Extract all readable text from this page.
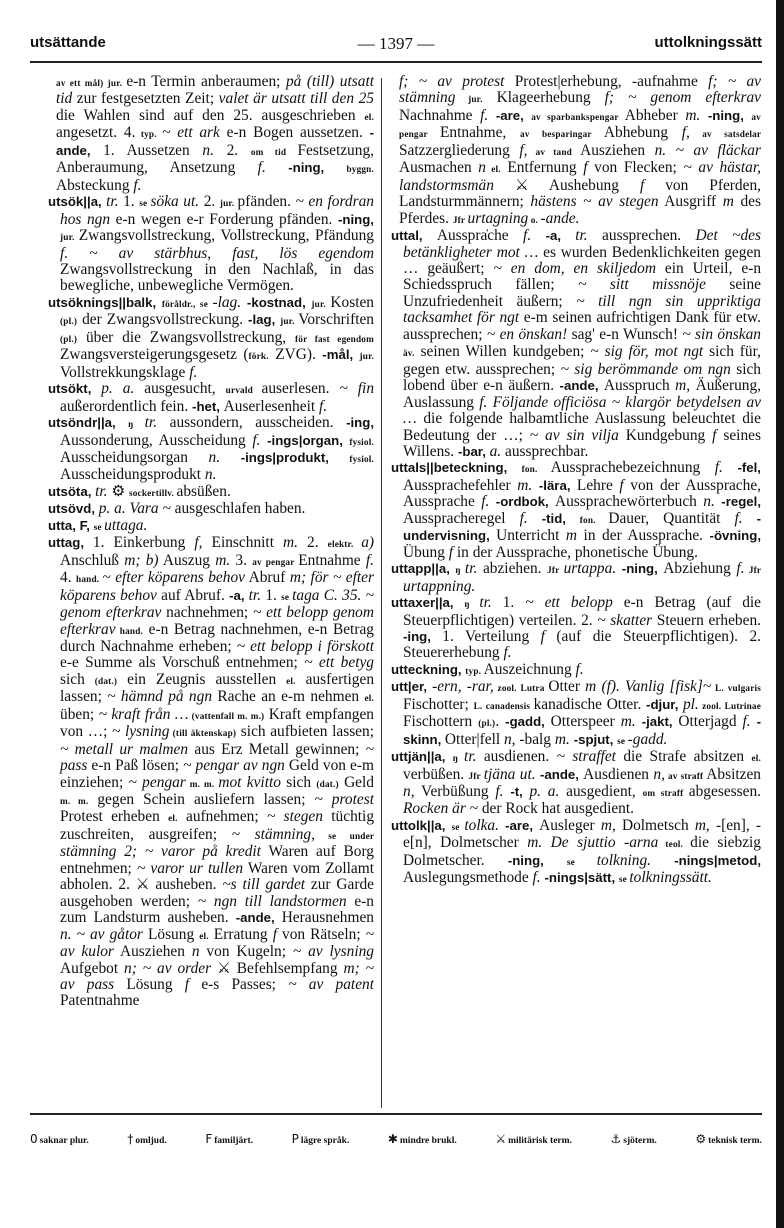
utsättande	— 1397 —	uttolkningssätt

av ett mål) jur. e-n Termin anberaumen; på (till) utsatt tid zur festgesetzten Zeit; valet är utsatt till den 25 die Wahlen sind auf den 25. ausgeschrieben el. angesetzt. 4. typ. ~ ett ark e-n Bogen aussetzen. -ande, 1. Aussetzen n. 2. om tid Festsetzung, Anberaumung, Ansetzung f. -ning, byggn. Absteckung f.

utsök||a, tr. 1. se söka ut. 2. jur. pfänden. ~ en fordran hos ngn e-n wegen e-r Forderung pfänden. -ning, jur. Zwangsvollstreckung, Vollstreckung, Pfändung f. ~ av stärbhus, fast, lös egendom Zwangsvollstreckung in den Nachlaß, in das bewegliche, unbewegliche Vermögen.

utsöknings||balk, föråldr., se -lag. -kostnad, jur. Kosten (pl.) der Zwangsvollstreckung. -lag, jur. Vorschriften (pl.) über die Zwangsvollstreckung, för fast egendom Zwangsversteigerungsgesetz (förk. ZVG). -mål, jur. Vollstrekkungsklage f.

utsökt, p. a. ausgesucht, urvald auserlesen. ~ fin außerordentlich fein. -het, Auserlesenheit f.

utsöndr||a, ŋ tr. aussondern, ausscheiden. -ing, Aussonderung, Ausscheidung f. -ings|organ, fysiol. Ausscheidungsorgan n. -ings|produkt, fysiol. Ausscheidungsprodukt n.

utsöta, tr. ⚙ sockertillv. absüßen.

utsövd, p. a. Vara ~ ausgeschlafen haben.

utta, F, se uttaga.

uttag, 1. Einkerbung f, Einschnitt m. 2. elektr. a) Anschluß m; b) Auszug m. 3. av pengar Entnahme f. 4. hand. ~ efter köparens behov Abruf m; för ~ efter köparens behov auf Abruf. -a, tr. 1. se taga C. 35. ~ genom efterkrav nachnehmen; ~ ett belopp genom efterkrav hand. e-n Betrag nachnehmen, e-n Betrag durch Nachnahme erheben; ~ ett belopp i förskott e-e Summe als Vorschuß entnehmen; ~ ett betyg sich (dat.) ein Zeugnis ausstellen el. ausfertigen lassen; ~ hämnd på ngn Rache an e-m nehmen el. üben; ~ kraft från … (vattenfall m. m.) Kraft empfangen von …; ~ lysning (till äktenskap) sich aufbieten lassen; ~ metall ur malmen aus Erz Metall gewinnen; ~ pass e-n Paß lösen; ~ pengar av ngn Geld von e-m einziehen; ~ pengar m. m. mot kvitto sich (dat.) Geld m. m. gegen Schein ausliefern lassen; ~ protest Protest erheben el. aufnehmen; ~ stegen tüchtig zuschreiten, ausgreifen; ~ stämning, se under stämning 2; ~ varor på kredit Waren auf Borg entnehmen; ~ varor ur tullen Waren vom Zollamt abholen. 2. ⚔ ausheben. ~s till gardet zur Garde ausgehoben werden; ~ ngn till landstormen e-n zum Landsturm ausheben. -ande, Herausnehmen n. ~ av gåtor Lösung el. Erratung f von Rätseln; ~ av kulor Ausziehen n von Kugeln; ~ av lysning Aufgebot n; ~ av order ⚔ Befehlsempfang m; ~ av pass Lösung f e-s Passes; ~ av patent Patentnahme

f; ~ av protest Protest|erhebung, -aufnahme f; ~ av stämning jur. Klageerhebung f; ~ genom efterkrav Nachnahme f. -are, av sparbankspengar Abheber m. -ning, av pengar Entnahme, av besparingar Abhebung f, av satsdelar Satzzergliederung f, av tand Ausziehen n. ~ av fläckar Ausmachen n el. Entfernung f von Flecken; ~ av hästar, landstormsmän ⚔ Aushebung f von Pferden, Landsturmmännern; hästens ~ av stegen Ausgriff m des Pferdes. Jfr urtagning o. -ande.

uttal, Ausspra̍che f. -a, tr. aussprechen. Det ~des betänkligheter mot … es wurden Bedenklichkeiten gegen … geäußert; ~ en dom, en skiljedom ein Urteil, e-n Schiedsspruch fällen; ~ sitt missnöje seine Unzufriedenheit äußern; ~ till ngn sin uppriktiga tacksamhet för ngt e-m seinen aufrichtigen Dank für etw. aussprechen; ~ en önskan! sag' e-n Wunsch! ~ sin önskan äv. seinen Willen kundgeben; ~ sig för, mot ngt sich für, gegen etw. aussprechen; ~ sig berömmande om ngn sich lobend über e-n äußern. -ande, Ausspruch m, Äußerung, Auslassung f. Följande officiösa ~ klargör betydelsen av … die folgende halbamtliche Auslassung beleuchtet die Bedeutung der …; ~ av sin vilja Kundgebung f seines Willens. -bar, a. aussprechbar.

uttals||beteckning, fon. Aussprachebezeichnung f. -fel, Aussprachefehler m. -lära, Lehre f von der Aussprache, Aussprache f. -ordbok, Aussprachewörterbuch n. -regel, Ausspracheregel f. -tid, fon. Dauer, Quantität f. -undervisning, Unterricht m in der Aussprache. -övning, Übung f in der Aussprache, phonetische Übung.

uttapp||a, ŋ tr. abziehen. Jfr urtappa. -ning, Abziehung f. Jfr urtappning.

uttaxer||a, ŋ tr. 1. ~ ett belopp e-n Betrag (auf die Steuerpflichtigen) verteilen. 2. ~ skatter Steuern erheben. -ing, 1. Verteilung f (auf die Steuerpflichtigen). 2. Steuererhebung f.

utteckning, typ. Auszeichnung f.

utt|er, -ern, -rar, zool. Lutra Otter m (f). Vanlig [fisk]~ L. vulgaris Fischotter; L. canadensis kanadische Otter. -djur, pl. zool. Lutrinae Fischottern (pl.). -gadd, Otterspeer m. -jakt, Otterjagd f. -skinn, Otter|fell n, -balg m. -spjut, se -gadd.

uttjän||a, ŋ tr. ausdienen. ~ straffet die Strafe absitzen el. verbüßen. Jfr tjäna ut. -ande, Ausdienen n, av straff Absitzen n, Verbüßung f. -t, p. a. ausgedient, om straff abgesessen. Rocken är ~ der Rock hat ausgedient.

uttolk||a, se tolka. -are, Ausleger m, Dolmetsch m, -[en], -e[n], Dolmetscher m. De sjuttio -arna teol. die siebzig Dolmetscher. -ning, se tolkning. -nings|metod, Auslegungsmethode f. -nings|sätt, se tolkningssätt.

0 saknar plur.	† omljud.	F familjärt.	P lägre språk.	✱ mindre brukl.	⚔ militärisk term.	⚓ sjöterm.	⚙ teknisk term.
